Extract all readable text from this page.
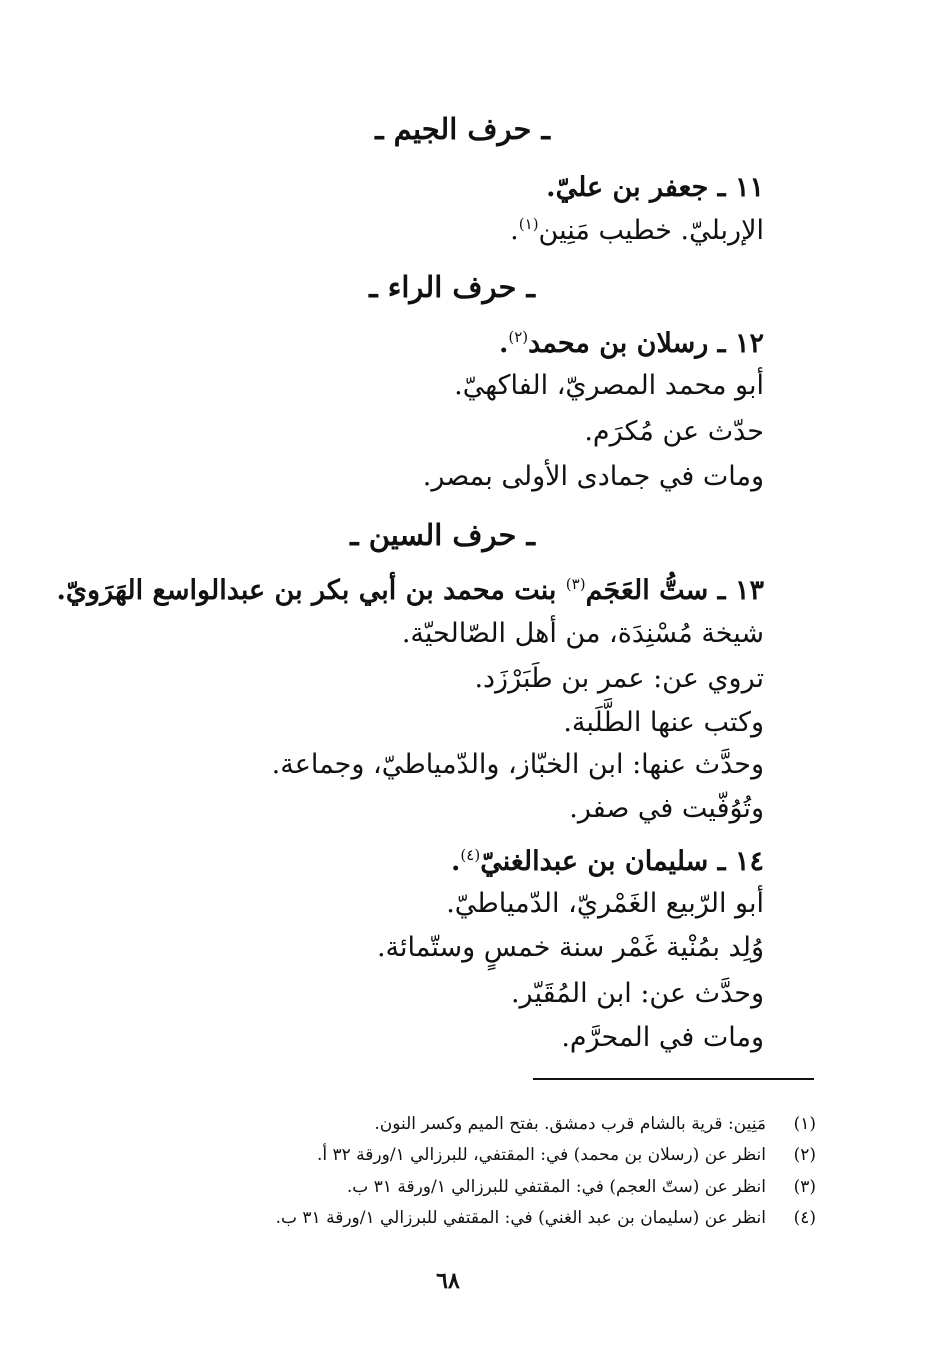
ـ حرف الجيم ـ
١١ ـ جعفر بن عليّ.
الإربليّ. خطيب مَنِين$^{(١)}$.
ـ حرف الراء ـ
١٢ ـ رسلان بن محمد$^{(٢)}$.
أبو محمد المصريّ، الفاكهيّ.
حدّث عن مُكرَم.
ومات في جمادى الأولى بمصر.
ـ حرف السين ـ
١٣ ـ ستُّ العَجَم$^{(٣)}$ بنت محمد بن أبي بكر بن عبدالواسع الهَرَويّ.
شيخة مُسْنِدَة، من أهل الصّالحيّة.
تروي عن: عمر بن طَبَرْزَد.
وكتب عنها الطَّلَبة.
وحدَّث عنها: ابن الخبّاز، والدّمياطيّ، وجماعة.
وتُوُفّيت في صفر.
١٤ ـ سليمان بن عبدالغنيّ$^{(٤)}$.
أبو الرّبيع الغَمْريّ، الدّمياطيّ.
وُلِد بمُنْية غَمْر سنة خمسٍ وستّمائة.
وحدَّث عن: ابن المُقَيّر.
ومات في المحرَّم.
(١)مَنِين: قرية بالشام قرب دمشق. بفتح الميم وكسر النون.
(٢)انظر عن (رسلان بن محمد) في: المقتفي، للبرزالي ١/ورقة ٣٢ أ.
(٣)انظر عن (ستّ العجم) في: المقتفي للبرزالي ١/ورقة ٣١ ب.
(٤)انظر عن (سليمان بن عبد الغني) في: المقتفي للبرزالي ١/ورقة ٣١ ب.
٦٨
